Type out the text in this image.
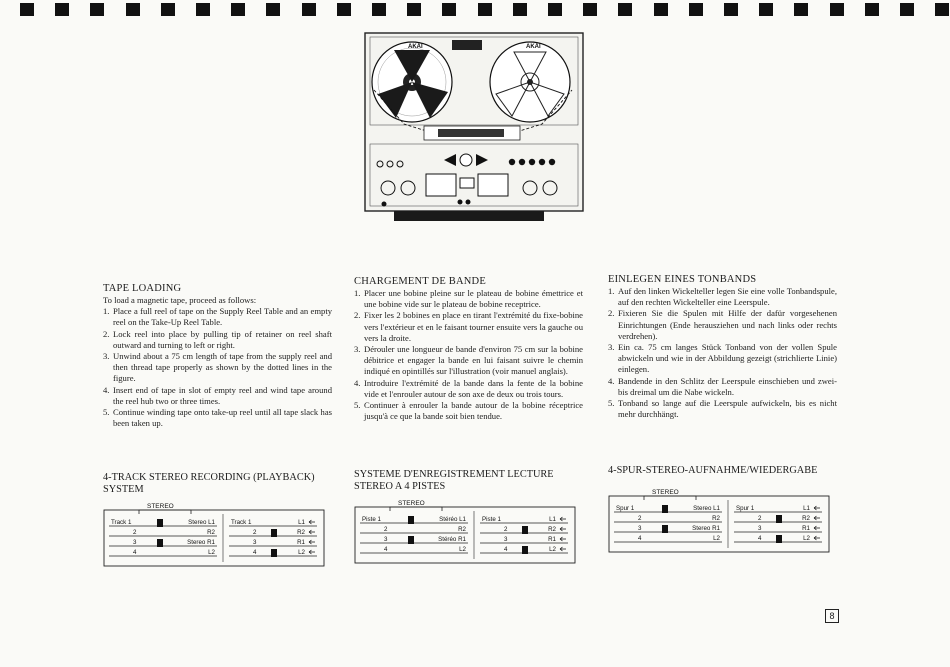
AKAI	AKAI
TAPE LOADING

To load a magnetic tape, proceed as follows:

1. Place a full reel of tape on the Supply Reel Table and an empty reel on the Take-Up Reel Table.
2. Lock reel into place by pulling tip of retainer on reel shaft outward and turning to left or right.
3. Unwind about a 75 cm length of tape from the supply reel and then thread tape properly as shown by the dotted lines in the figure.
4. Insert end of tape in slot of empty reel and wind tape around the reel hub two or three times.
5. Continue winding tape onto take-up reel until all tape slack has been taken up.
CHARGEMENT DE BANDE
1. Placer une bobine pleine sur le plateau de bobine émettrice et une bobine vide sur le plateau de bobine receptrice.
2. Fixer les 2 bobines en place en tirant l'extrémité du fixe-bobine vers l'extérieur et en le faisant tourner ensuite vers la gauche ou vers la droite.
3. Dérouler une longueur de bande d'environ 75 cm sur la bobine débitrice et engager la bande en lui faisant suivre le chemin indiqué en opintillés sur l'illustration (voir manuel anglais).
4. Introduire l'extrémité de la bande dans la fente de la bobine vide et l'enrouler autour de son axe de deux ou trois tours.
5. Continuer à enrouler la bande autour de la bobine réceptrice jusqu'à ce que la bande soit bien tendue.
EINLEGEN EINES TONBANDS
1. Auf den linken Wickelteller legen Sie eine volle Tonbandspule, auf den rechten Wickelteller eine Leerspule.
2. Fixieren Sie die Spulen mit Hilfe der dafür vorgesehenen Einrichtungen (Ende herausziehen und nach links oder rechts verdrehen).
3. Ein ca. 75 cm langes Stück Tonband von der vollen Spule abwickeln und wie in der Abbildung gezeigt (strichlierte Linie) einlegen.
4. Bandende in den Schlitz der Leerspule einschieben und zwei- bis dreimal um die Nabe wickeln.
5. Tonband so lange auf die Leerspule aufwickeln, bis es nicht mehr durchhängt.
4-TRACK STEREO RECORDING (PLAYBACK) SYSTEM
SYSTEME D'ENREGISTREMENT LECTURE STEREO A 4 PISTES
4-SPUR-STEREO-AUFNAHME/WIEDERGABE
STEREO
Track 1	Stereo L1
2	R2
3	Stereo R1
4	L2
Track 1	L1
2	R2
3	R1
4	L2
STEREO
Piste 1	Stéréo L1
2	R2
3	Stéréo R1
4	L2
Piste 1	L1
2	R2
3	R1
4	L2
STEREO
Spur 1	Stereo L1
2	R2
3	Stereo R1
4	L2
Spur 1	L1
2	R2
3	R1
4	L2
8
